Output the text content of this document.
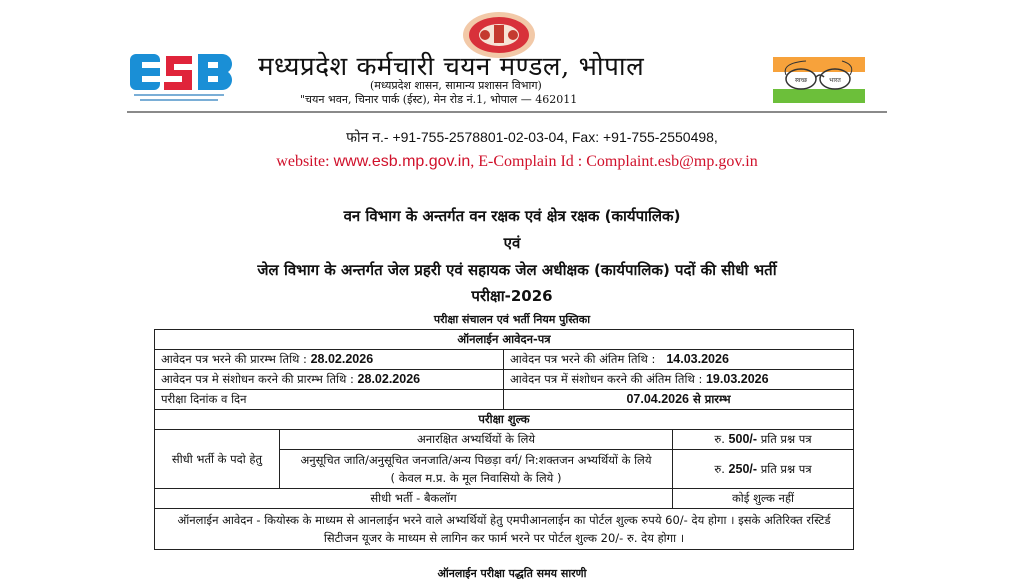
मध्यप्रदेश कर्मचारी चयन मण्डल, भोपाल
(मध्यप्रदेश शासन, सामान्य प्रशासन विभाग)
"चयन भवन, चिनार पार्क (ईस्ट), मेन रोड नं.1, भोपाल — 462011
स्वच्छ	भारत
फोन न.- +91-755-2578801-02-03-04, Fax: +91-755-2550498,
website: www.esb.mp.gov.in, E-Complain Id : Complaint.esb@mp.gov.in
वन विभाग के अन्तर्गत वन रक्षक एवं क्षेत्र रक्षक (कार्यपालिक)
एवं
जेल विभाग के अन्तर्गत जेल प्रहरी एवं सहायक जेल अधीक्षक (कार्यपालिक) पदों की सीधी भर्ती
परीक्षा-2026
परीक्षा संचालन एवं भर्ती नियम पुस्तिका
ऑनलाईन आवेदन-पत्र			
आवेदन पत्र भरने की प्रारम्भ तिथि : 28.02.2026		आवेदन पत्र भरने की अंतिम तिथि : 14.03.2026	
आवेदन पत्र मे संशोधन करने की प्रारम्भ तिथि : 28.02.2026		आवेदन पत्र में संशोधन करने की अंतिम तिथि : 19.03.2026	
परीक्षा दिनांक व दिन		07.04.2026 से प्रारम्भ	
परीक्षा शुल्क			
सीधी भर्ती के पदो हेतु	अनारक्षित अभ्यर्थियों के लिये		रु. 500/- प्रति प्रश्न पत्र
	अनुसूचित जाति/अनुसूचित जनजाति/अन्य पिछड़ा वर्ग/ नि:शक्तजन अभ्यर्थियों के लिये ( केवल म.प्र. के मूल निवासियो के लिये )		रु. 250/- प्रति प्रश्न पत्र
सीधी भर्ती - बैकलॉग			कोई शुल्क नहीं
ऑनलाईन आवेदन - कियोस्क के माध्यम से आनलाईन भरने वाले अभ्यर्थियों हेतु एमपीआनलाईन का पोर्टल शुल्क रुपये 60/- देय होगा । इसके अतिरिक्त रस्टिर्ड सिटीजन यूजर के माध्यम से लागिन कर फार्म भरने पर पोर्टल शुल्क 20/- रु. देय होगा ।			
ऑनलाईन परीक्षा पद्धति समय सारणी
